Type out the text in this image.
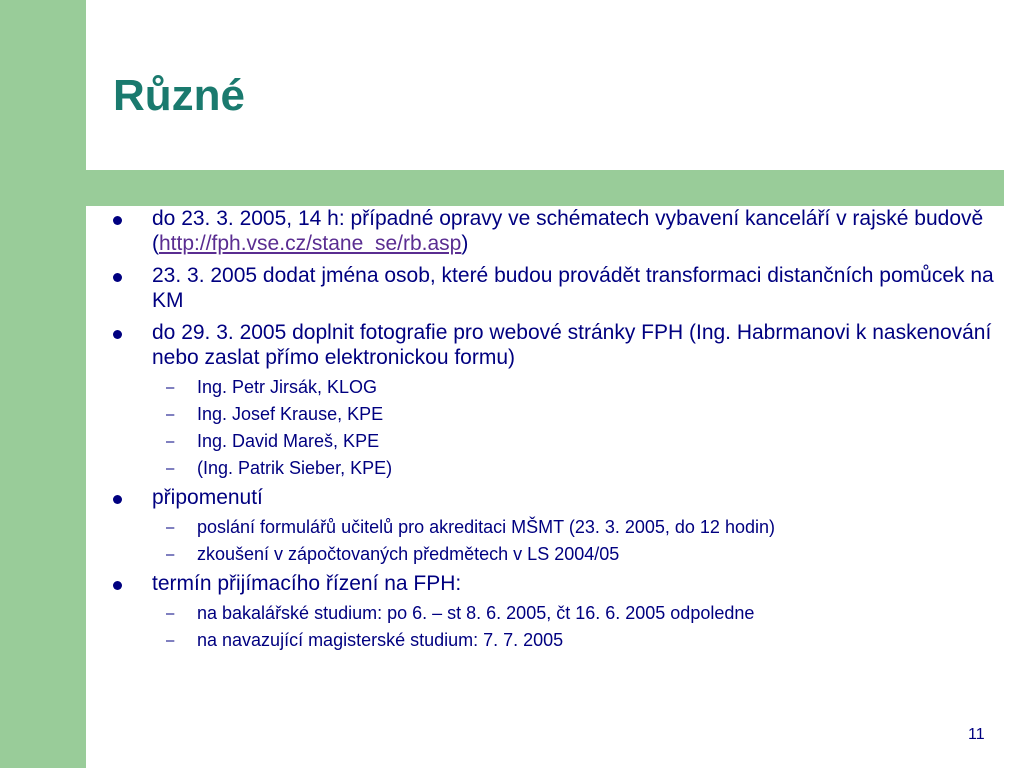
Různé
do 23. 3. 2005, 14 h: případné opravy ve schématech vybavení kanceláří v rajské budově (http://fph.vse.cz/stane_se/rb.asp)
23. 3. 2005 dodat jména osob, které budou provádět transformaci distančních pomůcek na KM
do 29. 3. 2005 doplnit fotografie pro webové stránky FPH (Ing. Habrmanovi k naskenování nebo zaslat přímo elektronickou formu)
– Ing. Petr Jirsák, KLOG
– Ing. Josef Krause, KPE
– Ing. David Mareš, KPE
– (Ing. Patrik Sieber, KPE)
připomenutí
– poslání formulářů učitelů pro akreditaci MŠMT (23. 3. 2005, do 12 hodin)
– zkoušení v zápočtovaných předmětech v LS 2004/05
termín přijímacího řízení na FPH:
– na bakalářské studium: po 6. – st 8. 6. 2005, čt 16. 6. 2005 odpoledne
– na navazující magisterské studium: 7. 7. 2005
11
